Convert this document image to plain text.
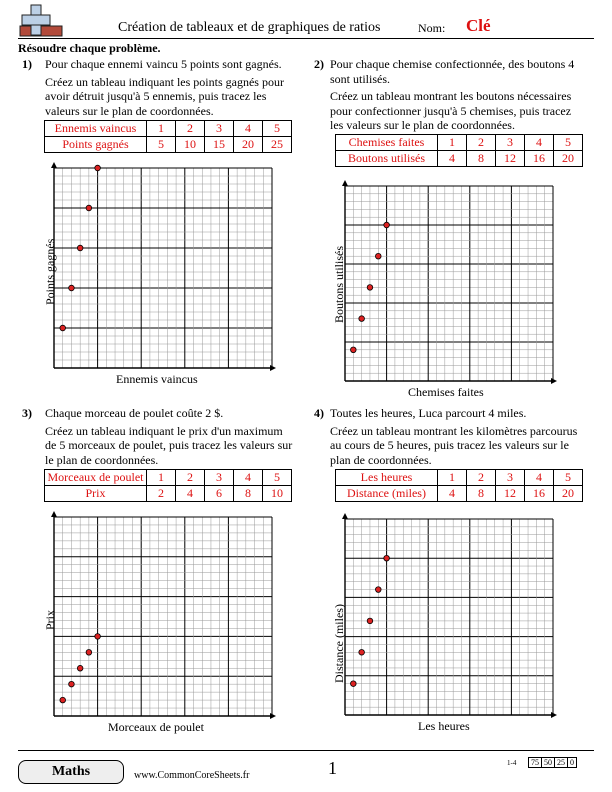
Création de tableaux et de graphiques de ratios	Nom: Clé
Résoudre chaque problème.
1) Pour chaque ennemi vaincu 5 points sont gagnés.
Créez un tableau indiquant les points gagnés pour
avoir détruit jusqu'à 5 ennemis, puis tracez les
valeurs sur le plan de coordonnées.
Ennemis vaincus	1	2	3	4	5
Points gagnés	5	10	15	20	25
Ennemis vaincus
Points gagnés
2) Pour chaque chemise confectionnée, des boutons 4
sont utilisés.
Créez un tableau montrant les boutons nécessaires
pour confectionner jusqu'à 5 chemises, puis tracez
les valeurs sur le plan de coordonnées.
Chemises faites	1	2	3	4	5
Boutons utilisés	4	8	12	16	20
Chemises faites
Boutons utilisés
3) Chaque morceau de poulet coûte 2 $.
Créez un tableau indiquant le prix d'un maximum
de 5 morceaux de poulet, puis tracez les valeurs sur
le plan de coordonnées.
Morceaux de poulet	1	2	3	4	5
Prix	2	4	6	8	10
Morceaux de poulet
Prix
4) Toutes les heures, Luca parcourt 4 miles.
Créez un tableau montrant les kilomètres parcourus
au cours de 5 heures, puis tracez les valeurs sur le
plan de coordonnées.
Les heures	1	2	3	4	5
Distance (miles)	4	8	12	16	20
Les heures
Distance (miles)
Maths	www.CommonCoreSheets.fr	1	1-4 75	50	25	0
